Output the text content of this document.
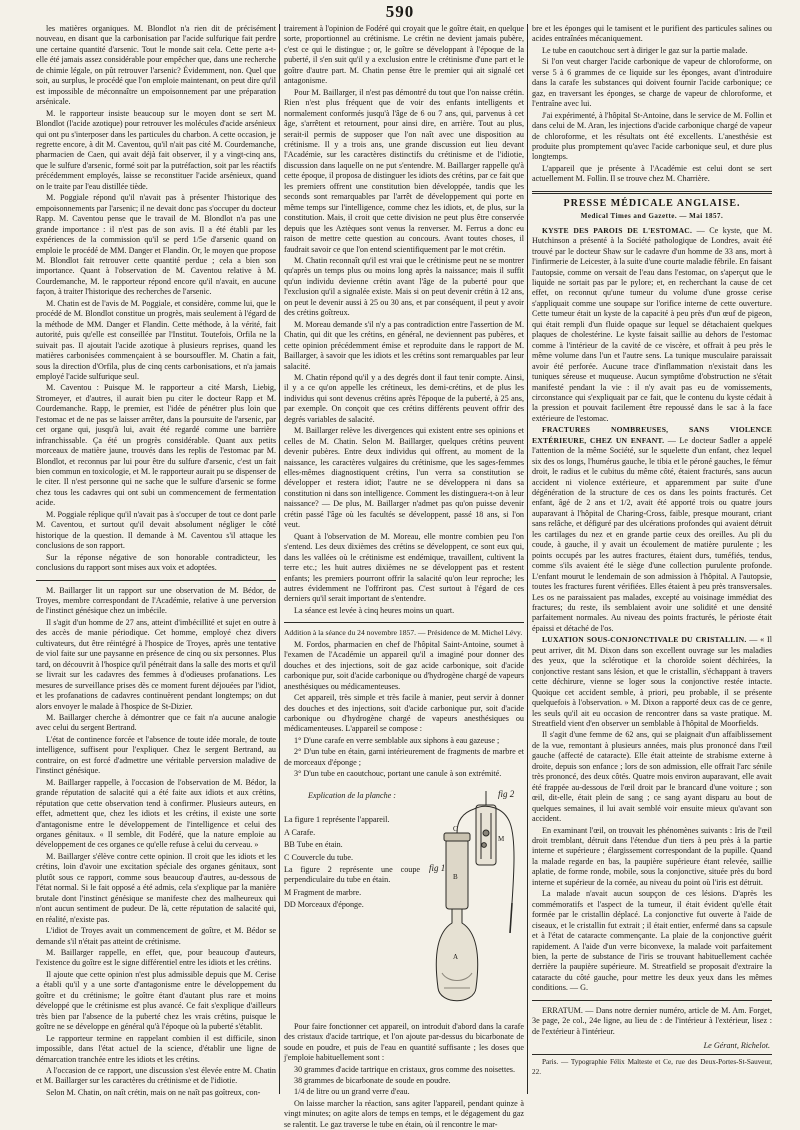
590

les matières organiques. M. Blondlot n'a rien dit de précisément nouveau, en disant que la carbonisation par l'acide sulfurique fait perdre une certaine quantité d'arsenic. Tout le monde sait cela. Cette perte a-t-elle été jamais assez considérable pour empêcher que, dans une recherche de chimie légale, on pût retrouver l'arsenic? Évidemment, non. Quel que soit, au surplus, le procédé que l'on emploie maintenant, on peut dire qu'il est impossible de méconnaître un empoisonnement par une préparation arsénicale.

M. le rapporteur insiste beaucoup sur le moyen dont se sert M. Blondlot (l'acide azotique) pour retrouver les molécules d'acide arsénieux qui ont pu s'interposer dans les particules du charbon. A cette occasion, je regrette encore, à dit M. Caventou, qu'il n'ait pas cité M. Courdemanche, pharmacien de Caen, qui avait déjà fait observer, il y a vingt-cinq ans, que le sulfure d'arsenic, formé soit par la putréfaction, soit par les réactifs précédemment employés, laisse se reconstituer l'acide arsénieux, quand on le traite par l'eau distillée tiède.

M. Poggiale répond qu'il n'avait pas à présenter l'historique des empoisonnements par l'arsenic; il ne devait donc pas s'occuper du docteur Rapp. M. Caventou pense que le travail de M. Blondlot n'a pas une grande importance : il n'est pas de son avis. Il a été établi par les expériences de la commission qu'il se perd 1/5e d'arsenic quand on emploie le procédé de MM. Danger et Flandin. Or, le moyen que propose M. Blondlot fait retrouver cette quantité perdue ; cela a bien son importance. Quant à l'observation de M. Caventou relative à M. Courdemanche, M. le rapporteur répond encore qu'il n'avait, en aucune façon, à traiter l'historique des recherches de l'arsenic.

M. Chatin est de l'avis de M. Poggiale, et considère, comme lui, que le procédé de M. Blondlot constitue un progrès, mais seulement à l'égard de la méthode de MM. Danger et Flandin. Cette méthode, à la vérité, fait autorité, puis qu'elle est conseillée par l'Institut. Toutefois, Orfila ne la suivait pas. Il ajoutait l'acide azotique à plusieurs reprises, quand les matières carbonisées commençaient à se boursouffler. M. Chatin a fait, sous la direction d'Orfila, plus de cinq cents carbonisations, et n'a jamais employé l'acide sulfurique seul.

M. Caventou : Puisque M. le rapporteur a cité Marsh, Liebig, Stromeyer, et d'autres, il aurait bien pu citer le docteur Rapp et M. Courdemanche. Rapp, le premier, est l'idée de pénétrer plus loin que l'estomac et de ne pas se laisser arrêter, dans la poursuite de l'arsenic, par cet organe qui, jusqu'à lui, avait été regardé comme une barrière infranchissable. Ça été un progrès considérable. Quant aux petits morceaux de matière jaune, trouvés dans les replis de l'estomac par M. Blondlot, et reconnus par lui pour être du sulfure d'arsenic, c'est un fait bien commun en toxicologie, et M. le rapporteur aurait pu se dispenser de le citer. Il n'est personne qui ne sache que le sulfure d'arsenic se forme chez tous les cadavres qui ont subi un commencement de fermentation acide.

M. Poggiale réplique qu'il n'avait pas à s'occuper de tout ce dont parle M. Caventou, et surtout qu'il devait absolument négliger le côté historique de la question. Il demande à M. Caventou s'il attaque les conclusions de son rapport.

Sur la réponse négative de son honorable contradicteur, les conclusions du rapport sont mises aux voix et adoptées.

M. Baillarger lit un rapport sur une observation de M. Bédor, de Troyes, membre correspondant de l'Académie, relative à une perversion de l'instinct génésique chez un imbécile.

Il s'agit d'un homme de 27 ans, atteint d'imbécillité et sujet en outre à des accès de manie périodique. Cet homme, employé chez divers cultivateurs, dut être réintégré à l'hospice de Troyes, après une tentative de viol faite sur une paysanne en présence de cinq ou six personnes. Plus tard, on découvrit à l'hospice qu'il pénétrait dans la salle des morts et qu'il se livrait sur les cadavres des femmes à d'odieuses profanations. Les mesures de surveillance prises dès ce moment furent déjouées par l'idiot, et les profanations de cadavres continuèrent pendant longtemps; on dut alors envoyer le malade à l'hospice de St-Dizier.

M. Baillarger cherche à démontrer que ce fait n'a aucune analogie avec celui du sergent Bertrand.

L'état de continence forcée et l'absence de toute idée morale, de toute intelligence, suffisent pour l'expliquer. Chez le sergent Bertrand, au contraire, on est forcé d'admettre une véritable perversion maladive de l'instinct génésique.

M. Baillarger rappelle, à l'occasion de l'observation de M. Bédor, la grande réputation de salacité qui a été faite aux idiots et aux crétins, réputation que cette observation tend à confirmer. Plusieurs auteurs, en effet, admettent que, chez les idiots et les crétins, il existe une sorte d'antagonisme entre le développement de l'intelligence et celui des organes génitaux. « Il semble, dit Fodéré, que la nature emploie au développement de ces organes ce qu'elle refuse à celui du cerveau. »

M. Baillarger s'élève contre cette opinion. Il croit que les idiots et les crétins, loin d'avoir une excitation spéciale des organes génitaux, sont plutôt sous ce rapport, comme sous beaucoup d'autres, au-dessous de l'état normal. Si le fait opposé a été admis, cela s'explique par la manière brutale dont l'instinct génésique se manifeste chez des malheureux qui n'ont aucun sentiment de pudeur. De là, cette réputation de salacité qui, en réalité, n'existe pas.

L'idiot de Troyes avait un commencement de goître, et M. Bédor se demande s'il n'était pas atteint de crétinisme.

M. Baillarger rappelle, en effet, que, pour beaucoup d'auteurs, l'existence du goître est le signe différentiel entre les idiots et les crétins.

Il ajoute que cette opinion n'est plus admissible depuis que M. Cerise a établi qu'il y a une sorte d'antagonisme entre le développement du goître et du crétinisme; le goître étant d'autant plus rare et moins développé que le crétinisme est plus avancé. Ce fait s'explique d'ailleurs très bien par l'absence de la puberté chez les vrais crétins, puisque le goître ne se développe en général qu'à l'époque où la puberté s'établit.

Le rapporteur termine en rappelant combien il est difficile, sinon impossible, dans l'état actuel de la science, d'établir une ligne de démarcation tranchée entre les idiots et les crétins.

A l'occasion de ce rapport, une discussion s'est élevée entre M. Chatin et M. Baillarger sur les caractères du crétinisme et de l'idiotie.

Selon M. Chatin, on naît crétin, mais on ne naît pas goîtreux, con-

trairement à l'opinion de Fodéré qui croyait que le goître était, en quelque sorte, proportionnel au crétinisme. Le crétin ne devient jamais pubère, c'est ce qui le distingue ; or, le goître se développant à l'époque de la puberté, il s'en suit qu'il y a exclusion entre le crétinisme d'une part et le goître d'autre part. M. Chatin pense être le premier qui ait signalé cet antagonisme.

Pour M. Baillarger, il n'est pas démontré du tout que l'on naisse crétin. Rien n'est plus fréquent que de voir des enfants intelligents et normalement conformés jusqu'à l'âge de 6 ou 7 ans, qui, parvenus à cet âge, s'arrêtent et retournent, pour ainsi dire, en arrière. Tout au plus, serait-il permis de supposer que l'on naît avec une disposition au crétinisme. Il y a trois ans, une grande discussion eut lieu devant l'Académie, sur les caractères distinctifs du crétinisme et de l'idiotie, discussion dans laquelle on ne put s'entendre. M. Baillarger rappelle qu'à cette époque, il proposa de distinguer les idiots des crétins, par ce fait que les premiers offrent une constitution bien développée, tandis que les seconds sont remarquables par l'arrêt de développement qui porte en même temps sur l'intelligence, comme chez les idiots, et, de plus, sur la constitution. Mais, il croit que cette division ne peut plus être conservée depuis que les Aztèques sont venus la renverser. M. Ferrus a donc eu raison de mettre cette question au concours. Avant toutes choses, il faudrait savoir ce que l'on entend scientifiquement par le mot crétin.

M. Chatin reconnaît qu'il est vrai que le crétinisme peut ne se montrer qu'après un temps plus ou moins long après la naissance; mais il suffit qu'un individu devienne crétin avant l'âge de la puberté pour que l'exclusion qu'il a signalée existe. Mais si on peut devenir crétin à 12 ans, on peut le devenir aussi à 25 ou 30 ans, et par conséquent, il peut y avoir des crétins goîtreux.

M. Moreau demande s'il n'y a pas contradiction entre l'assertion de M. Chatin, qui dit que les crétins, en général, ne deviennent pas pubères, et cette opinion précédemment émise et reproduite dans le rapport de M. Baillarger, à savoir que les idiots et les crétins sont remarquables par leur salacité.

M. Chatin répond qu'il y a des degrés dont il faut tenir compte. Ainsi, il y a ce qu'on appelle les crétineux, les demi-crétins, et de plus les individus qui sont devenus crétins après l'époque de la puberté, à 25 ans, par exemple. On conçoit que ces crétins différents peuvent offrir des degrés variables de salacité.

M. Baillarger relève les divergences qui existent entre ses opinions et celles de M. Chatin. Selon M. Baillarger, quelques crétins peuvent devenir pubères. Entre deux individus qui offrent, au moment de la naissance, les caractères vulgaires du crétinisme, que les sages-femmes elles-mêmes diagnostiquent crétins, l'un verra sa constitution se développer et restera idiot; l'autre ne se développera ni dans sa constitution ni dans son intelligence. Comment les distinguera-t-on à leur naissance? — De plus, M. Baillarger n'admet pas qu'on puisse devenir crétin passé l'âge où les facultés se développent, passé 18 ans, si l'on veut.

Quant à l'observation de M. Moreau, elle montre combien peu l'on s'entend. Les deux dixièmes des crétins se développent, ce sont eux qui, dans les vallées où le crétinisme est endémique, travaillent, cultivent la terre etc.; les huit autres dixièmes ne se développent pas et restent enfants; les premiers pourront offrir la salacité qu'on leur reproche; les autres évidemment ne l'offriront pas. C'est surtout à l'égard de ces derniers qu'il serait important de s'entendre.

La séance est levée à cinq heures moins un quart.

Addition à la séance du 24 novembre 1857. — Présidence de M. Michel Lévy.

M. Fordos, pharmacien en chef de l'hôpital Saint-Antoine, soumet à l'examen de l'Académie un appareil qu'il a imaginé pour donner des douches et des injections, soit de gaz acide carbonique, soit d'acide carbonique pur, soit d'acide carbonique ou d'hydrogène chargé de vapeurs anesthésiques ou médicamenteuses.

Cet appareil, très simple et très facile à manier, peut servir à donner des douches et des injections, soit d'acide carbonique pur, soit d'acide carbonique ou d'hydrogène chargé de vapeurs anesthésiques ou médicamenteuses. L'appareil se compose :

1° D'une carafe en verre semblable aux siphons à eau gazeuse ;

2° D'un tube en étain, garni intérieurement de fragments de marbre et de morceaux d'éponge ;

3° D'un tube en caoutchouc, portant une canule à son extrémité.

Explication de la planche :

La figure 1 représente l'appareil.

A Carafe.

BB Tube en étain.

C Couvercle du tube.

La figure 2 représente une coupe perpendiculaire du tube en étain.

M Fragment de marbre.

DD Morceaux d'éponge.

fig 1
fig 2
B
C
A
M

Pour faire fonctionner cet appareil, on introduit d'abord dans la carafe des cristaux d'acide tartrique, et l'on ajoute par-dessus du bicarbonate de soude en poudre, et puis de l'eau en quantité suffisante ; les doses que j'emploie habituellement sont :

30 grammes d'acide tartrique en cristaux, gros comme des noisettes.

38 grammes de bicarbonate de soude en poudre.

1/4 de litre ou un grand verre d'eau.

On laisse marcher la réaction, sans agiter l'appareil, pendant quinze à vingt minutes; on agite alors de temps en temps, et le dégagement du gaz se ralentit. Le gaz traverse le tube en étain, où il rencontre le mar-

bre et les éponges qui le tamisent et le purifient des particules salines ou acides entraînées mécaniquement.

Le tube en caoutchouc sert à diriger le gaz sur la partie malade.

Si l'on veut charger l'acide carbonique de vapeur de chloroforme, on verse 5 à 6 grammes de ce liquide sur les éponges, avant d'introduire dans la carafe les substances qui doivent fournir l'acide carbonique; ce gaz, en traversant les éponges, se charge de vapeur de chloroforme, et l'entraîne avec lui.

J'ai expérimenté, à l'hôpital St-Antoine, dans le service de M. Follin et dans celui de M. Aran, les injections d'acide carbonique chargé de vapeur de chloroforme, et les résultats ont été excellents. L'anesthésie est produite plus promptement qu'avec l'acide carbonique seul, et dure plus longtemps.

L'appareil que je présente à l'Académie est celui dont se sert actuellement M. Follin. Il se trouve chez M. Charrière.

PRESSE MÉDICALE ANGLAISE.
Medical Times and Gazette. — Mai 1857.

KYSTE DES PAROIS DE L'ESTOMAC. — Ce kyste, que M. Hutchinson a présenté à la Société pathologique de Londres, avait été trouvé par le docteur Shaw sur le cadavre d'un homme de 33 ans, mort à l'infirmerie de Leicester, à la suite d'une courte maladie fébrile. En faisant l'autopsie, comme on versait de l'eau dans l'estomac, on s'aperçut que le liquide ne sortait pas par le pylore; et, en recherchant la cause de cet effet, on reconnut qu'une tumeur du volume d'une grosse cerise s'appliquait comme une soupape sur l'orifice interne de cette ouverture. Cette tumeur était un kyste de la capacité à peu près d'un œuf de pigeon, qui était rempli d'un fluide opaque sur lequel se détachaient quelques plaques de cholestérine. Le kyste faisait saillie au dehors de l'estomac comme à l'intérieur de la cavité de ce viscère, et offrait à peu près le même volume dans l'un et l'autre sens. La tunique musculaire paraissait avoir été perforée. Aucune trace d'inflammation n'existait dans les tuniques séreuse et muqueuse. Aucun symptôme d'obstruction ne s'était manifesté pendant la vie : il n'y avait pas eu de vomissements, circonstance qui s'expliquait par ce fait, que le contenu du kyste cédait à la pression et pouvait facilement être repoussé dans le sac à la face extérieure de l'estomac.

FRACTURES NOMBREUSES, SANS VIOLENCE EXTÉRIEURE, CHEZ UN ENFANT. — Le docteur Sadler a appelé l'attention de la même Société, sur le squelette d'un enfant, chez lequel six des os longs, l'humérus gauche, le tibia et le péroné gauches, le fémur droit, le radius et le cubitus du même côté, étaient fracturés, sans aucun accident ni violence extérieure, et apparemment par suite d'une dégénération de la structure de ces os dans les points fracturés. Cet enfant, âgé de 2 ans et 1/2, avait été apporté trois ou quatre jours auparavant à l'hôpital de Charing-Cross, faible, presque mourant, criant sans relâche, et défiguré par des ulcérations profondes qui avaient détruit les cartilages du nez et en grande partie ceux des oreilles. Au pli du coude, à gauche, il y avait un écoulement de matière purulente ; les points occupés par les autres fractures, étaient durs, tuméfiés, tendus, comme s'ils avaient été le siège d'une collection purulente profonde. L'enfant mourut le lendemain de son admission à l'hôpital. A l'autopsie, toutes les fractures furent vérifiées. Elles étaient à peu près transversales. Les os ne paraissaient pas malades, excepté au voisinage immédiat des fractures; du reste, ils semblaient avoir une solidité et une densité parfaitement normales. Au niveau des points fracturés, le périoste était épaissi et détaché de l'os.

LUXATION SOUS-CONJONCTIVALE DU CRISTALLIN. — « Il peut arriver, dit M. Dixon dans son excellent ouvrage sur les maladies des yeux, que la sclérotique et la choroïde soient déchirées, la conjonctive restant sans lésion, et que le cristallin, s'échappant à travers cette déchirure, vienne se loger sous la conjonctive restée intacte. Quoique cet accident semble, à priori, peu probable, il se présente quelquefois à l'observation. » M. Dixon a rapporté deux cas de ce genre, les seuls qu'il ait eu occasion de rencontrer dans sa vaste pratique. M. Streatfield vient d'en observer un semblable à l'hôpital de Moorfields.

Il s'agit d'une femme de 62 ans, qui se plaignait d'un affaiblissement de la vue, remontant à plusieurs années, mais plus prononcé dans l'œil gauche (affecté de cataracte). Elle était atteinte de strabisme externe à droite, depuis son enfance ; lors de son admission, elle offrait l'arc sénile très prononcé, des deux côtés. Quatre mois environ auparavant, elle avait été frappée au-dessous de l'œil droit par le brancard d'une voiture ; son œil, dit-elle, était plein de sang ; ce sang ayant disparu au bout de quelques semaines, il lui avait semblé voir ensuite mieux qu'avant son accident.

En examinant l'œil, on trouvait les phénomènes suivants : Iris de l'œil droit tremblant, détruit dans l'étendue d'un tiers à peu près à la partie interne et supérieure ; élargissement correspondant de la pupille. Quand la malade regarde en bas, la paupière supérieure étant relevée, saillie aplatie, de forme ronde, mobile, sous la conjonctive, située près du bord interne et supérieur de la cornée, au niveau du point où l'iris est détruit.

La malade n'avait aucun soupçon de ces lésions. D'après les commémoratifs et l'aspect de la tumeur, il était évident qu'elle était formée par le cristallin déplacé. La conjonctive fut ouverte à l'aide de ciseaux, et le cristallin fut extrait ; il était entier, enfermé dans sa capsule et à l'état de cataracte commençante. La plaie de la conjonctive guérit rapidement. A l'aide d'un verre biconvexe, la malade voit parfaitement bien, la perte de substance de l'iris se trouvant habituellement cachée derrière la paupière supérieure. M. Streatfield se proposait d'extraire la cataracte du côté gauche, pour mettre les deux yeux dans les mêmes conditions. — G.

ERRATUM. — Dans notre dernier numéro, article de M. Am. Forget, 3e page, 2e col., 24e ligne, au lieu de : de l'intérieur à l'extérieur, lisez : de l'extérieur à l'intérieur.

Le Gérant, Richelot.

Paris. — Typographie Félix Malteste et Ce, rue des Deux-Portes-St-Sauveur, 22.
